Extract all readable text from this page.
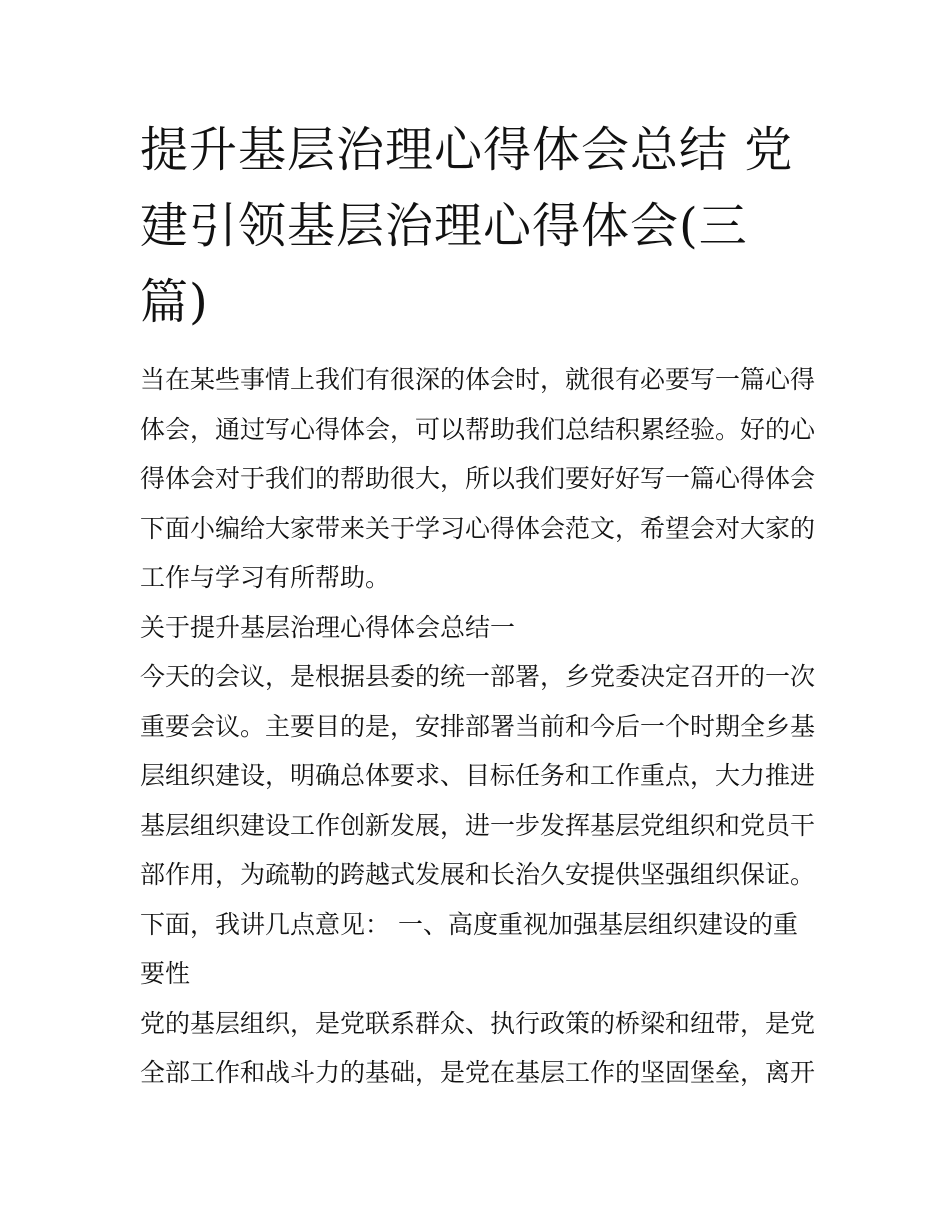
提升基层治理心得体会总结 党
建引领基层治理心得体会(三
篇)
当在某些事情上我们有很深的体会时，就很有必要写一篇心得
体会，通过写心得体会，可以帮助我们总结积累经验。好的心
得体会对于我们的帮助很大，所以我们要好好写一篇心得体会
下面小编给大家带来关于学习心得体会范文，希望会对大家的
工作与学习有所帮助。
关于提升基层治理心得体会总结一
今天的会议，是根据县委的统一部署，乡党委决定召开的一次
重要会议。主要目的是，安排部署当前和今后一个时期全乡基
层组织建设，明确总体要求、目标任务和工作重点，大力推进
基层组织建设工作创新发展，进一步发挥基层党组织和党员干
部作用，为疏勒的跨越式发展和长治久安提供坚强组织保证。
下面，我讲几点意见： 一、高度重视加强基层组织建设的重
要性
党的基层组织，是党联系群众、执行政策的桥梁和纽带，是党
全部工作和战斗力的基础，是党在基层工作的坚固堡垒，离开
